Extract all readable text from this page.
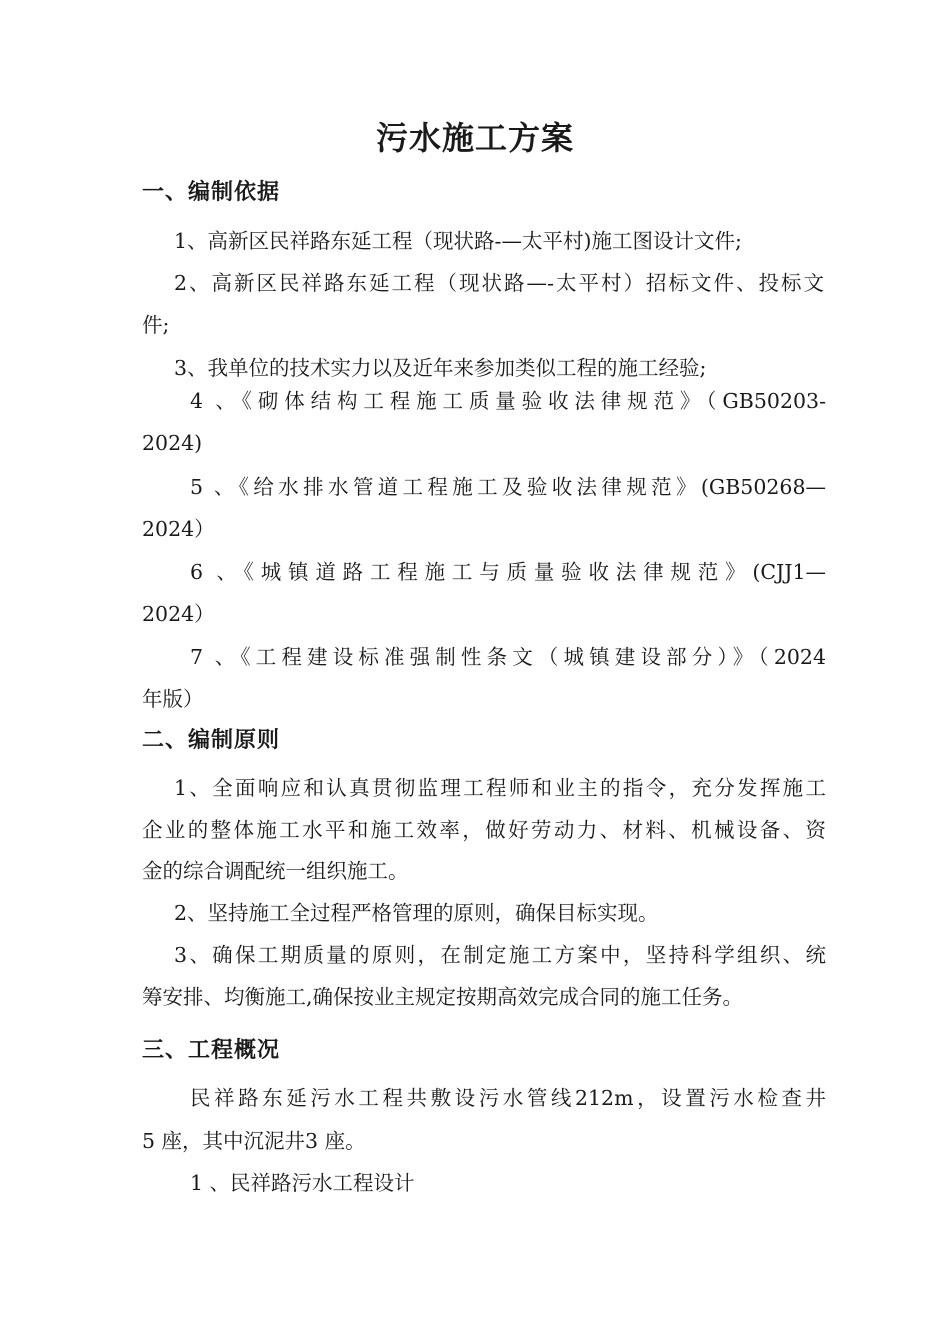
污水施工方案
一、编制依据
1、高新区民祥路东延工程（现状路-—太平村)施工图设计文件;
2、高新区民祥路东延工程（现状路—-太平村）招标文件、投标文
件;
3、我单位的技术实力以及近年来参加类似工程的施工经验;
4 、《砌体结构工程施工质量验收法律规范》（GB50203-
2024)
5 、《给水排水管道工程施工及验收法律规范》(GB50268—
2024）
6 、《城镇道路工程施工与质量验收法律规范》(CJJ1—
2024）
7 、《工程建设标准强制性条文（城镇建设部分）》（2024
年版）
二、编制原则
1、全面响应和认真贯彻监理工程师和业主的指令，充分发挥施工
企业的整体施工水平和施工效率，做好劳动力、材料、机械设备、资
金的综合调配统一组织施工。
2、坚持施工全过程严格管理的原则，确保目标实现。
3、确保工期质量的原则，在制定施工方案中，坚持科学组织、统
筹安排、均衡施工,确保按业主规定按期高效完成合同的施工任务。
三、工程概况
民祥路东延污水工程共敷设污水管线212m，设置污水检查井
5 座，其中沉泥井3 座。
1 、民祥路污水工程设计
